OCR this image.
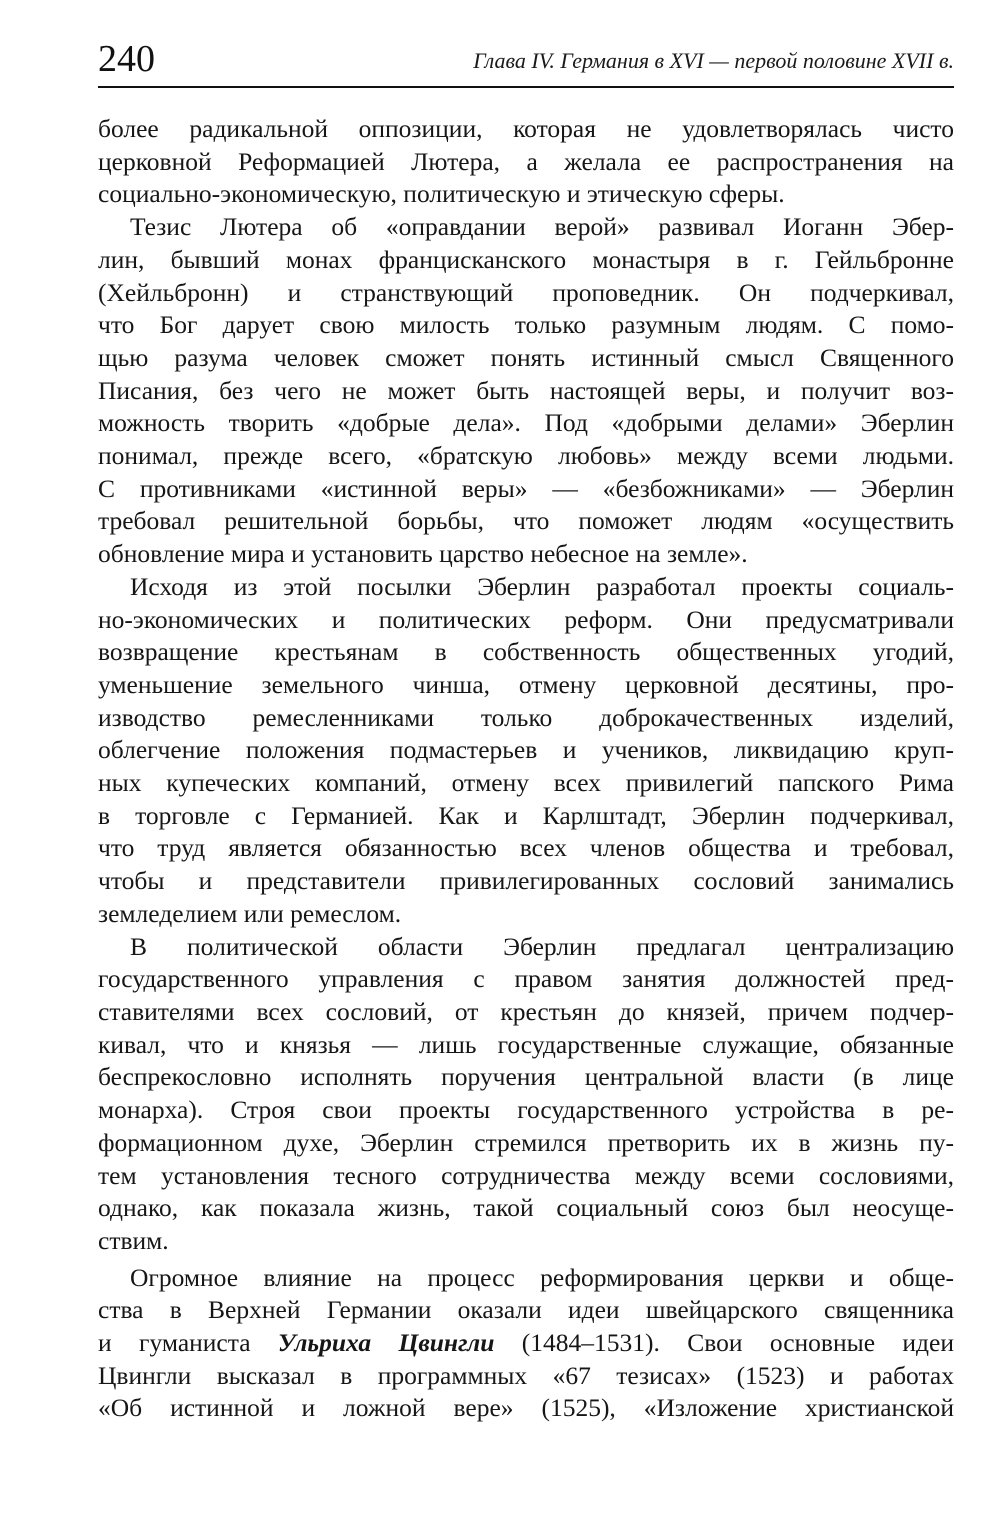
240	Глава IV. Германия в XVI — первой половине XVII в.

более радикальной оппозиции, которая не удовлетворялась чисто
церковной Реформацией Лютера, а желала ее распространения на
социально-экономическую, политическую и этическую сферы.

Тезис Лютера об «оправдании верой» развивал Иоганн Эбер-
лин, бывший монах францисканского монастыря в г. Гейльбронне
(Хейльбронн) и странствующий проповедник. Он подчеркивал,
что Бог дарует свою милость только разумным людям. С помо-
щью разума человек сможет понять истинный смысл Священного
Писания, без чего не может быть настоящей веры, и получит воз-
можность творить «добрые дела». Под «добрыми делами» Эберлин
понимал, прежде всего, «братскую любовь» между всеми людьми.
С противниками «истинной веры» — «безбожниками» — Эберлин
требовал решительной борьбы, что поможет людям «осуществить
обновление мира и установить царство небесное на земле».

Исходя из этой посылки Эберлин разработал проекты социаль-
но-экономических и политических реформ. Они предусматривали
возвращение крестьянам в собственность общественных угодий,
уменьшение земельного чинша, отмену церковной десятины, про-
изводство ремесленниками только доброкачественных изделий,
облегчение положения подмастерьев и учеников, ликвидацию круп-
ных купеческих компаний, отмену всех привилегий папского Рима
в торговле с Германией. Как и Карлштадт, Эберлин подчеркивал,
что труд является обязанностью всех членов общества и требовал,
чтобы и представители привилегированных сословий занимались
земледелием или ремеслом.

В политической области Эберлин предлагал централизацию
государственного управления с правом занятия должностей пред-
ставителями всех сословий, от крестьян до князей, причем подчер-
кивал, что и князья — лишь государственные служащие, обязанные
беспрекословно исполнять поручения центральной власти (в лице
монарха). Строя свои проекты государственного устройства в ре-
формационном духе, Эберлин стремился претворить их в жизнь пу-
тем установления тесного сотрудничества между всеми сословиями,
однако, как показала жизнь, такой социальный союз был неосуще-
ствим.

Огромное влияние на процесс реформирования церкви и обще-
ства в Верхней Германии оказали идеи швейцарского священника
и гуманиста Ульриха Цвингли (1484–1531). Свои основные идеи
Цвингли высказал в программных «67 тезисах» (1523) и работах
«Об истинной и ложной вере» (1525), «Изложение христианской
